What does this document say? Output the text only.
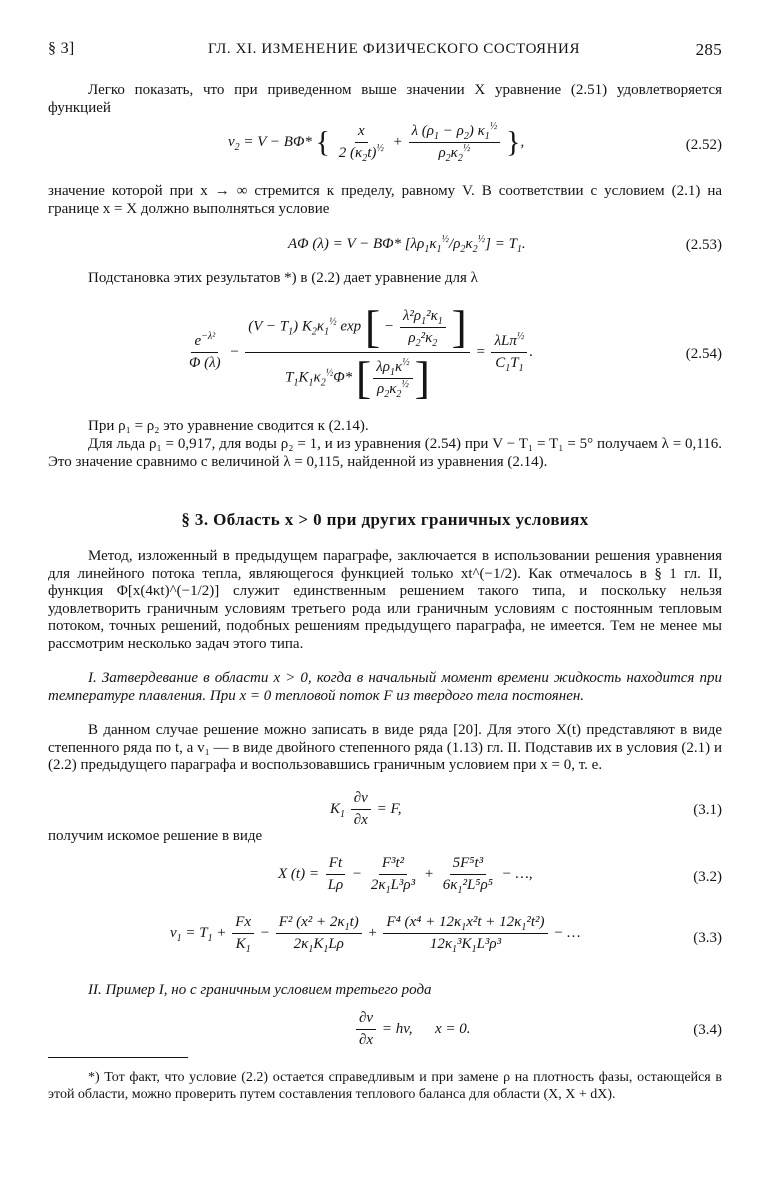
§ 3]	ГЛ. XI. ИЗМЕНЕНИЕ ФИЗИЧЕСКОГО СОСТОЯНИЯ	285
Легко показать, что при приведенном выше значении X уравнение (2.51) удовлетворяется функцией
$v_2 = V - B\Phi*$ { $\frac{x}{2 (\kappa_2t)^{\frac{1}{2}}} + \frac{\lambda (\rho_1 - \rho_2) \kappa_1^{\frac{1}{2}}}{\rho_2\kappa_2^{\frac{1}{2}}}$ },	(2.52)
значение которой при x → ∞ стремится к пределу, равному V. В соответствии с условием (2.1) на границе x = X должно выполняться условие
AΦ (λ) = V − BΦ* $[\lambda\rho_1\kappa_1^{\frac{1}{2}}/\rho_2\kappa_2^{\frac{1}{2}}] = T_1$.	(2.53)
Подстановка этих результатов *) в (2.2) дает уравнение для λ
$\frac{e^{-\lambda^2}}{\Phi (\lambda)} - \frac{(V - T_1) K_2\kappa_1^{\frac{1}{2}} \exp [ - \frac{\lambda^2\rho_1^2\kappa_1}{\rho_2^2\kappa_2} ]}{T_1K_1\kappa_2^{\frac{1}{2}}\Phi* [ \frac{\lambda\rho_1\kappa^{\frac{1}{2}}}{\rho_2\kappa_2^{\frac{1}{2}}} ]} = \frac{\lambda L\pi^{\frac{1}{2}}}{C_1T_1}$ .	(2.54)
При ρ₁ = ρ₂ это уравнение сводится к (2.14).
Для льда ρ₁ = 0,917, для воды ρ₂ = 1, и из уравнения (2.54) при V − T₁ = T₁ = 5° получаем λ = 0,116. Это значение сравнимо с величиной λ = 0,115, найденной из уравнения (2.14).
§ 3. Область x > 0 при других граничных условиях
Метод, изложенный в предыдущем параграфе, заключается в использовании решения уравнения для линейного потока тепла, являющегося функцией только xt^(−1/2). Как отмечалось в § 1 гл. II, функция Φ[x(4κt)^(−1/2)] служит единственным решением такого типа, и поскольку нельзя удовлетворить граничным условиям третьего рода или граничным условиям с постоянным тепловым потоком, точных решений, подобных решениям предыдущего параграфа, не имеется. Тем не менее мы рассмотрим несколько задач этого типа.
I. Затвердевание в области x > 0, когда в начальный момент времени жидкость находится при температуре плавления. При x = 0 тепловой поток F из твердого тела постоянен.
В данном случае решение можно записать в виде ряда [20]. Для этого X(t) представляют в виде степенного ряда по t, а v₁ — в виде двойного степенного ряда (1.13) гл. II. Подставив их в условия (2.1) и (2.2) предыдущего параграфа и воспользовавшись граничным условием при x = 0, т. е.
$K_1 \frac{\partial v}{\partial x} = F$,	(3.1)
получим искомое решение в виде
X $(t) = \frac{Ft}{L\rho} - \frac{\text{F³t²}}{2\kappa_1L^3\rho^3} + \frac{\text{5F⁵t³}}{6\kappa_1^2L^5\rho^5}$ − …,	(3.2)
$v_1 = T_1 + \frac{Fx}{K_1} - \frac{F^2 (x^2 + 2\kappa_1t)}{2\kappa_1K_1L\rho} + \frac{F^4 (x^4 + 12\kappa_1x^2t + 12\kappa_1^2t^2)}{12\kappa_1^3K_1L^3\rho^3}$ − …	(3.3)
II. Пример I, но с граничным условием третьего рода
$\frac{\partial v}{\partial x}$ = hv,      x = 0.	(3.4)
*) Тот факт, что условие (2.2) остается справедливым и при замене ρ на плотность фазы, остающейся в этой области, можно проверить путем составления теплового баланса для области (X, X + dX).
